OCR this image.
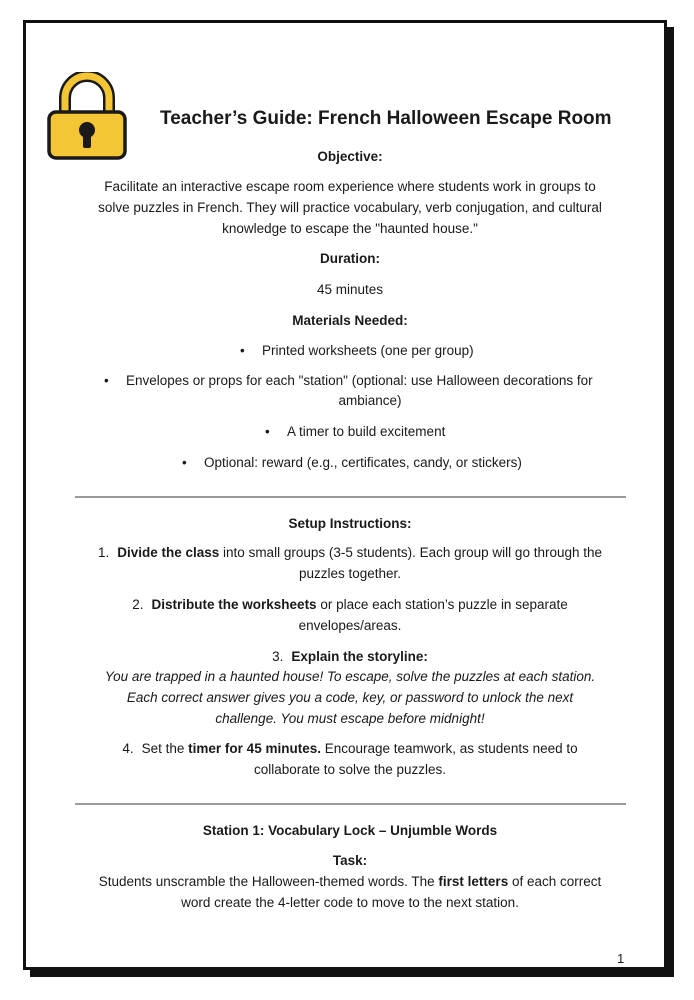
Teacher’s Guide: French Halloween Escape Room
Objective:
Facilitate an interactive escape room experience where students work in groups to
solve puzzles in French. They will practice vocabulary, verb conjugation, and cultural
knowledge to escape the "haunted house."
Duration:
45 minutes
Materials Needed:
• Printed worksheets (one per group)
• Envelopes or props for each "station" (optional: use Halloween decorations for
ambiance)
• A timer to build excitement
• Optional: reward (e.g., certificates, candy, or stickers)
Setup Instructions:
1. Divide the class into small groups (3-5 students). Each group will go through the
puzzles together.
2. Distribute the worksheets or place each station’s puzzle in separate
envelopes/areas.
3. Explain the storyline:
You are trapped in a haunted house! To escape, solve the puzzles at each station.
Each correct answer gives you a code, key, or password to unlock the next
challenge. You must escape before midnight!
4. Set the timer for 45 minutes. Encourage teamwork, as students need to
collaborate to solve the puzzles.
Station 1: Vocabulary Lock – Unjumble Words
Task:
Students unscramble the Halloween-themed words. The first letters of each correct
word create the 4-letter code to move to the next station.
1
